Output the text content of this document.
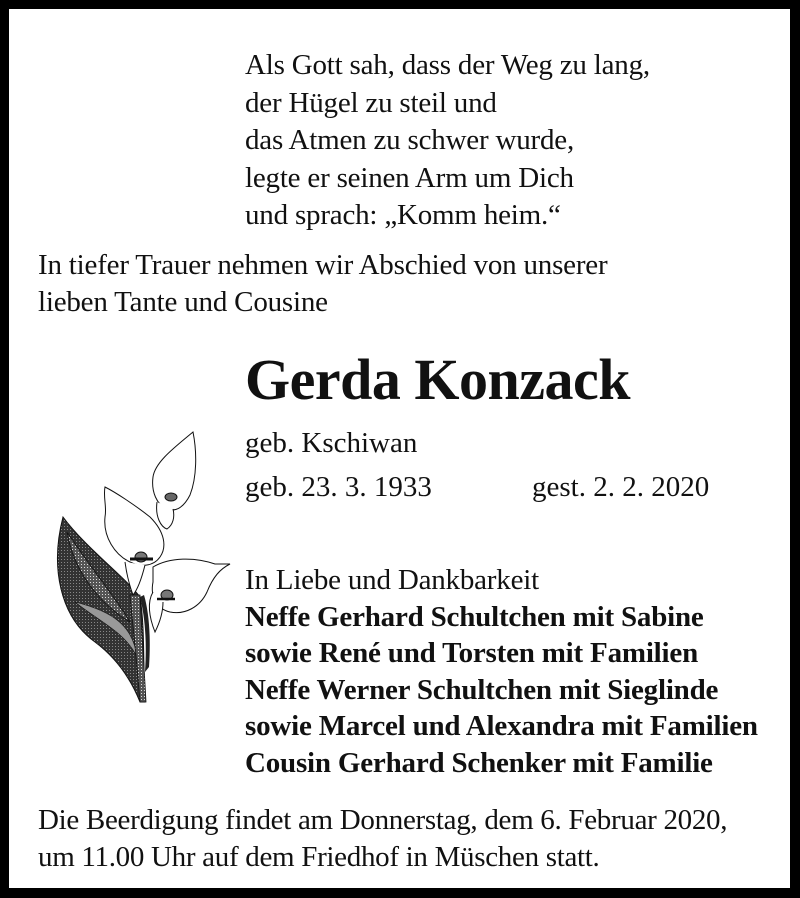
Als Gott sah, dass der Weg zu lang,
der Hügel zu steil und
das Atmen zu schwer wurde,
legte er seinen Arm um Dich
und sprach: „Komm heim.“
In tiefer Trauer nehmen wir Abschied von unserer
lieben Tante und Cousine
Gerda Konzack
geb. Kschiwan
geb. 23. 3. 1933	gest. 2. 2. 2020
In Liebe und Dankbarkeit
Neffe Gerhard Schultchen mit Sabine
sowie René und Torsten mit Familien
Neffe Werner Schultchen mit Sieglinde
sowie Marcel und Alexandra mit Familien
Cousin Gerhard Schenker mit Familie
Die Beerdigung findet am Donnerstag, dem 6. Februar 2020,
um 11.00 Uhr auf dem Friedhof in Müschen statt.
